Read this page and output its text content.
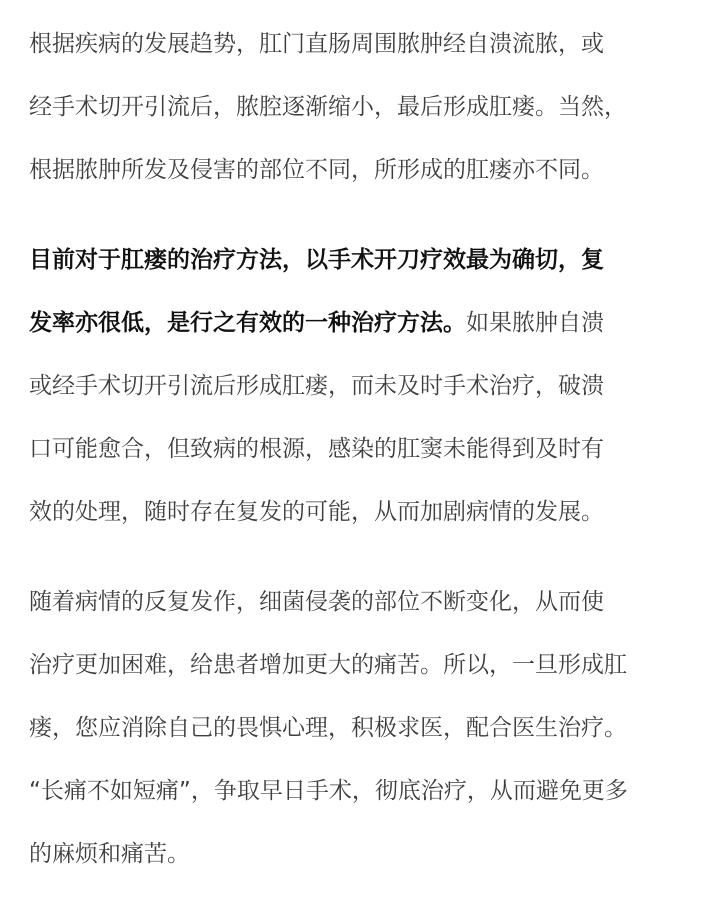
根据疾病的发展趋势，肛门直肠周围脓肿经自溃流脓，或
经手术切开引流后，脓腔逐渐缩小，最后形成肛瘘。当然，
根据脓肿所发及侵害的部位不同，所形成的肛瘘亦不同。

目前对于肛瘘的治疗方法，以手术开刀疗效最为确切，复
发率亦很低，是行之有效的一种治疗方法。如果脓肿自溃
或经手术切开引流后形成肛瘘，而未及时手术治疗，破溃
口可能愈合，但致病的根源，感染的肛窦未能得到及时有
效的处理，随时存在复发的可能，从而加剧病情的发展。

随着病情的反复发作，细菌侵袭的部位不断变化，从而使
治疗更加困难，给患者增加更大的痛苦。所以，一旦形成肛
瘘，您应消除自己的畏惧心理，积极求医，配合医生治疗。
“长痛不如短痛”，争取早日手术，彻底治疗，从而避免更多
的麻烦和痛苦。
